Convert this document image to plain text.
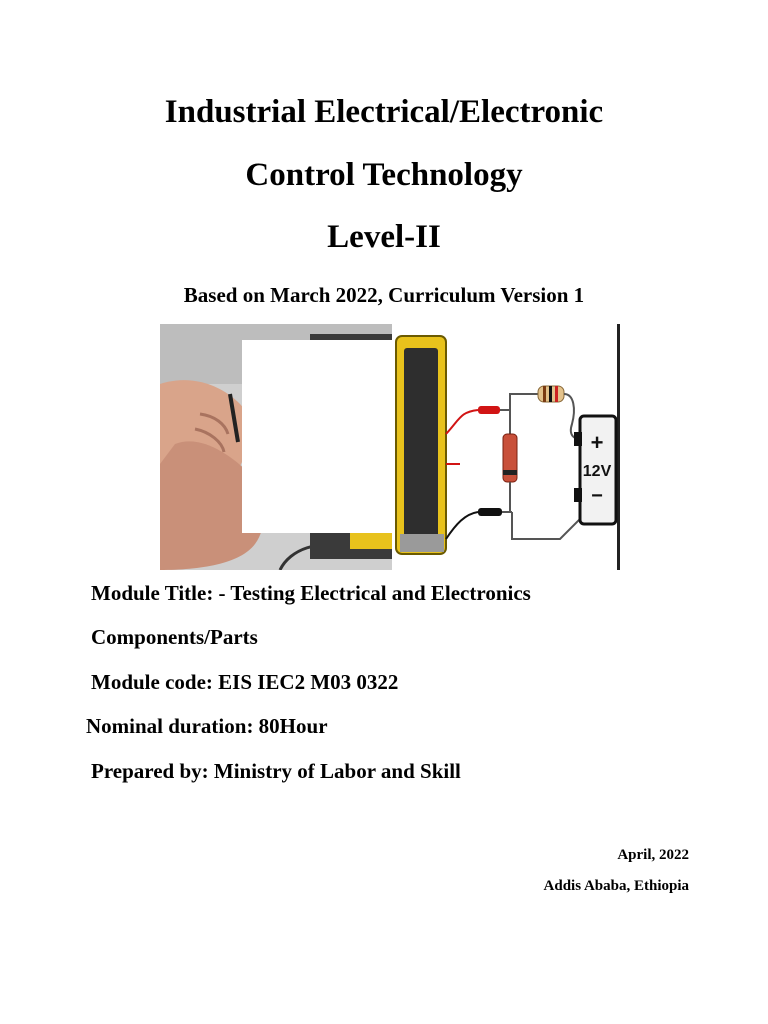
Industrial Electrical/Electronic
Control Technology
Level-II
Based on March 2022, Curriculum Version 1
+
12V
−
Module Title: - Testing Electrical and Electronics
Components/Parts
Module code: EIS IEC2 M03 0322
Nominal duration: 80Hour
Prepared by: Ministry of Labor and Skill
April, 2022
Addis Ababa, Ethiopia
